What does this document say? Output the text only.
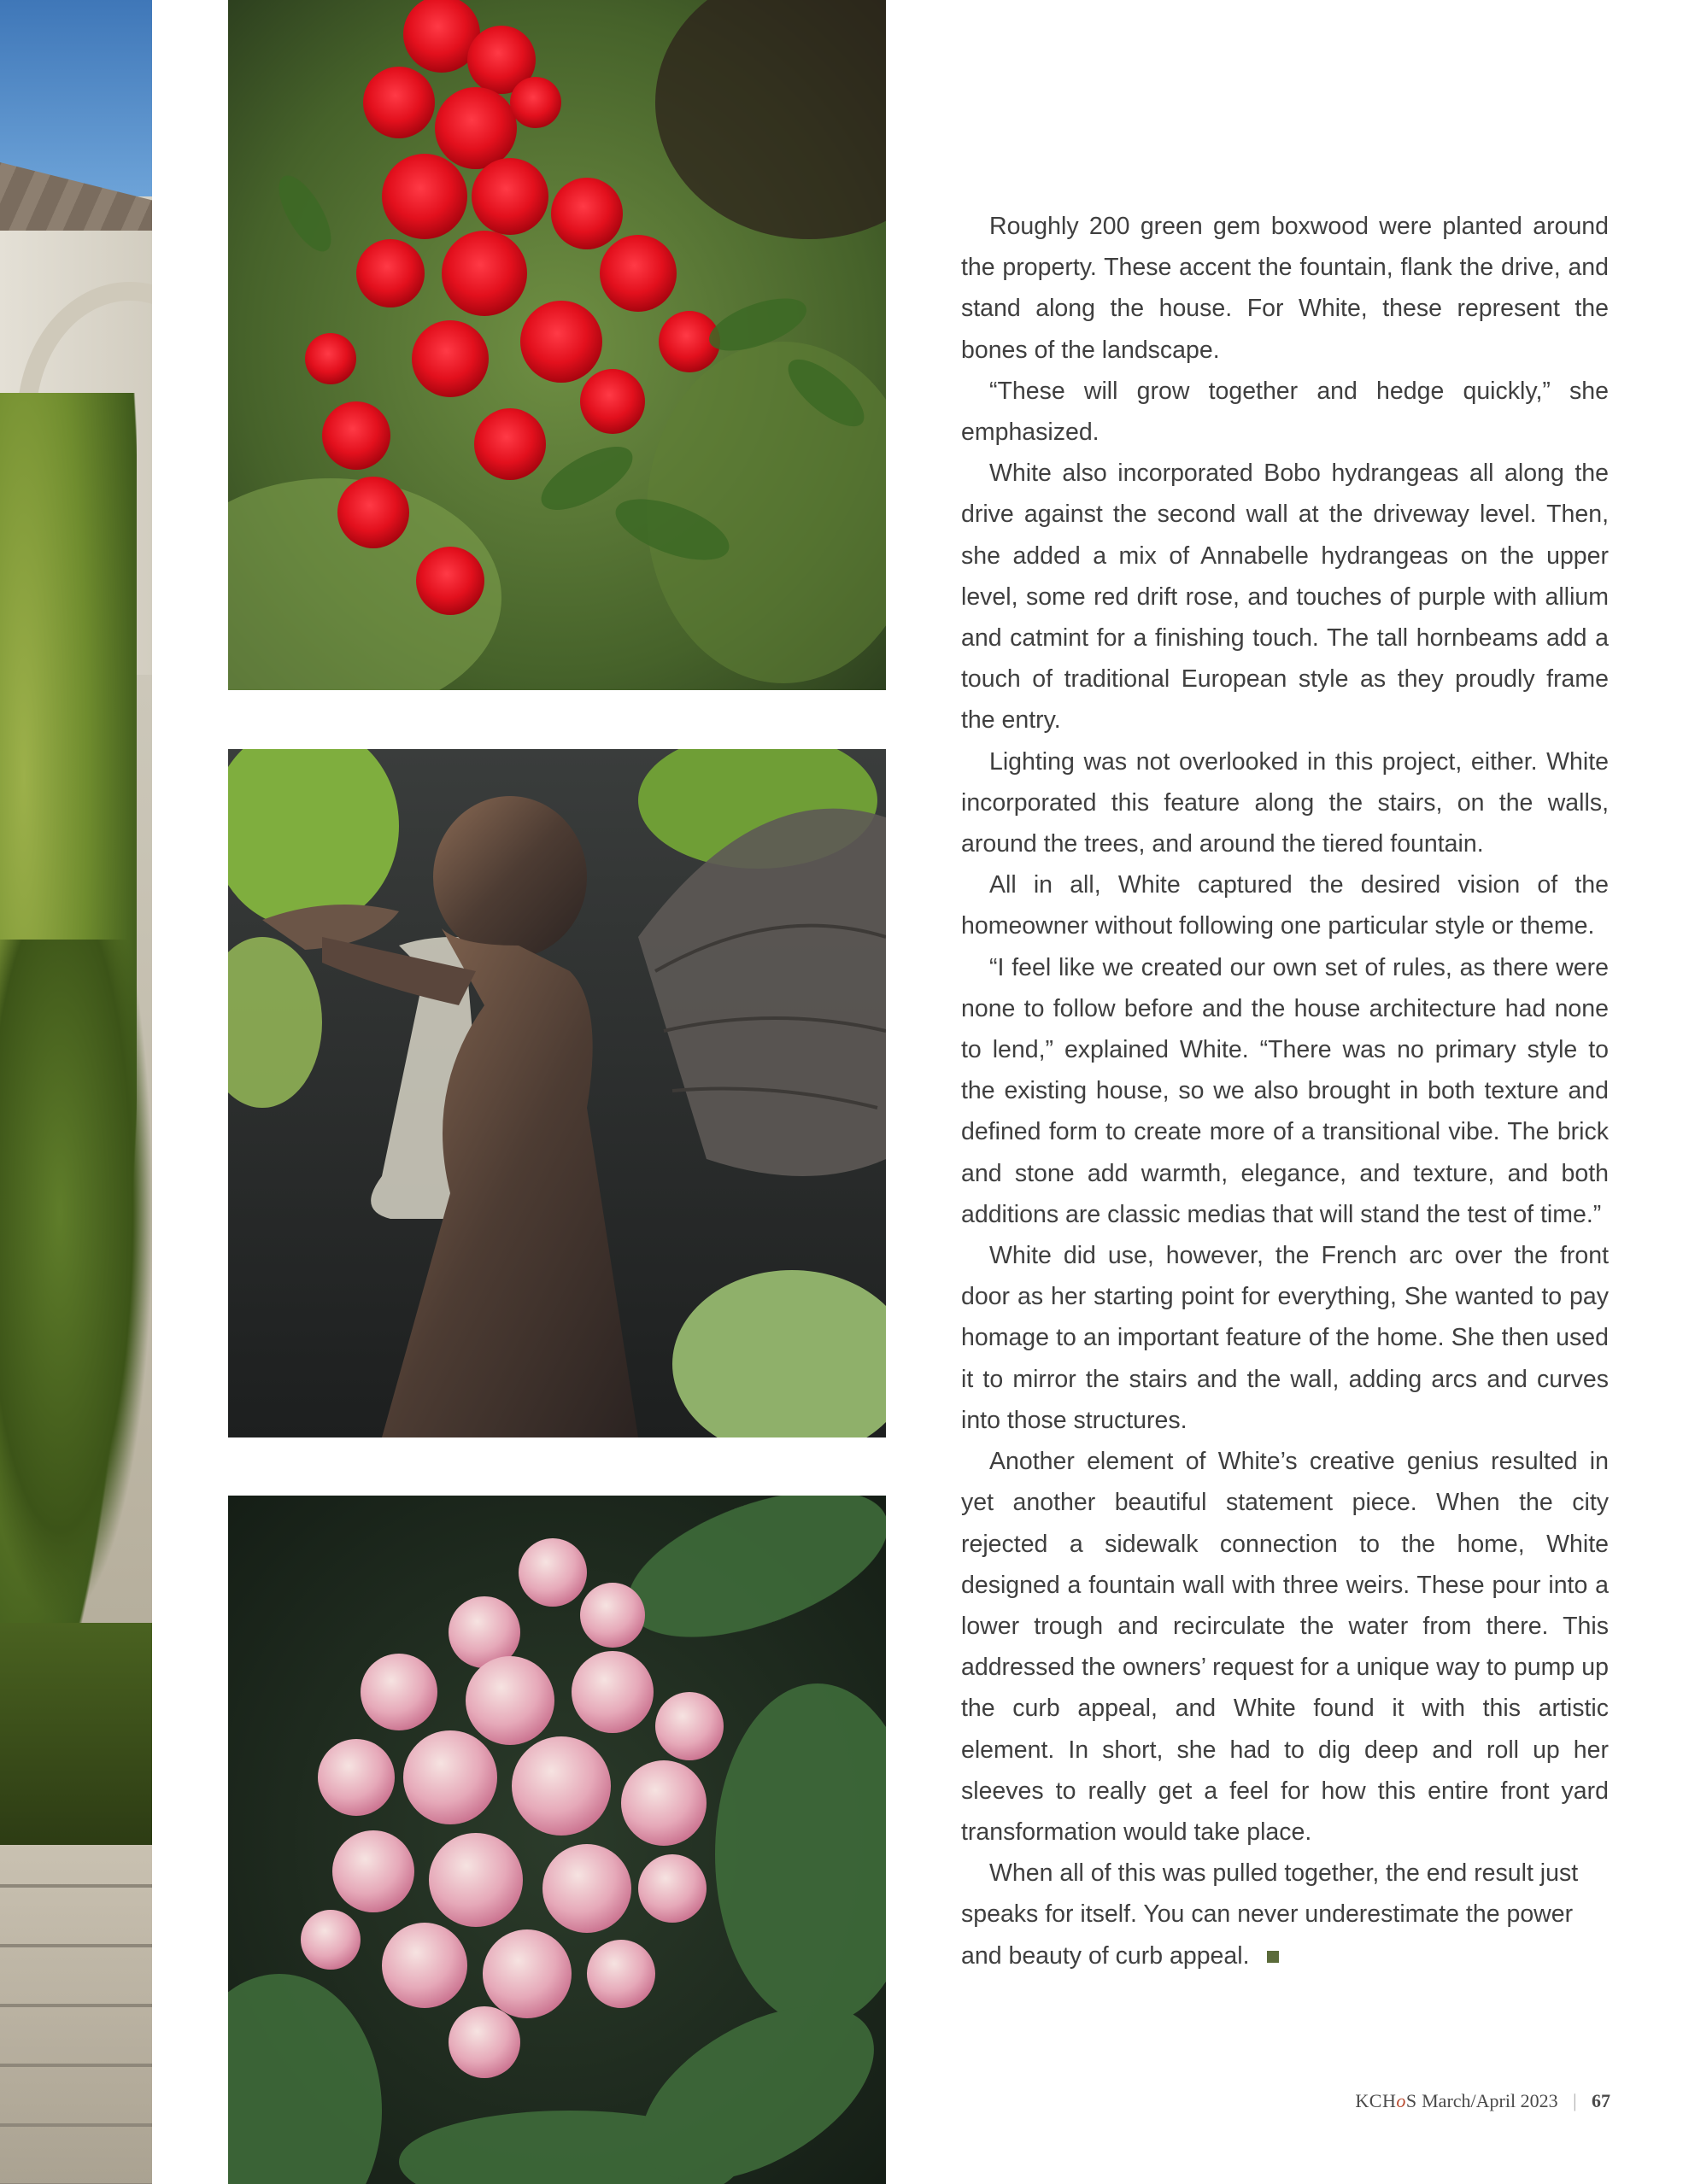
Roughly 200 green gem boxwood were planted around the property. These accent the fountain, flank the drive, and stand along the house. For White, these represent the bones of the landscape.

“These will grow together and hedge quickly,” she emphasized.

White also incorporated Bobo hydrangeas all along the drive against the second wall at the driveway level. Then, she added a mix of Annabelle hydrangeas on the upper level, some red drift rose, and touches of purple with allium and catmint for a finishing touch. The tall hornbeams add a touch of traditional European style as they proudly frame the entry.

Lighting was not overlooked in this project, either. White incorporated this feature along the stairs, on the walls, around the trees, and around the tiered fountain.

All in all, White captured the desired vision of the homeowner without following one particular style or theme.

“I feel like we created our own set of rules, as there were none to follow before and the house architecture had none to lend,” explained White. “There was no primary style to the existing house, so we also brought in both texture and defined form to create more of a transitional vibe. The brick and stone add warmth, elegance, and texture, and both additions are classic medias that will stand the test of time.”

White did use, however, the French arc over the front door as her starting point for everything, She wanted to pay homage to an important feature of the home. She then used it to mirror the stairs and the wall, adding arcs and curves into those structures.

Another element of White’s creative genius resulted in yet another beautiful statement piece. When the city rejected a sidewalk connection to the home, White designed a fountain wall with three weirs. These pour into a lower trough and recirculate the water from there. This addressed the owners’ request for a unique way to pump up the curb appeal, and White found it with this artistic element. In short, she had to dig deep and roll up her sleeves to really get a feel for how this entire front yard transformation would take place.

When all of this was pulled together, the end result just speaks for itself. You can never underestimate the power and beauty of curb appeal.

KCHoS March/April 2023 | 67
